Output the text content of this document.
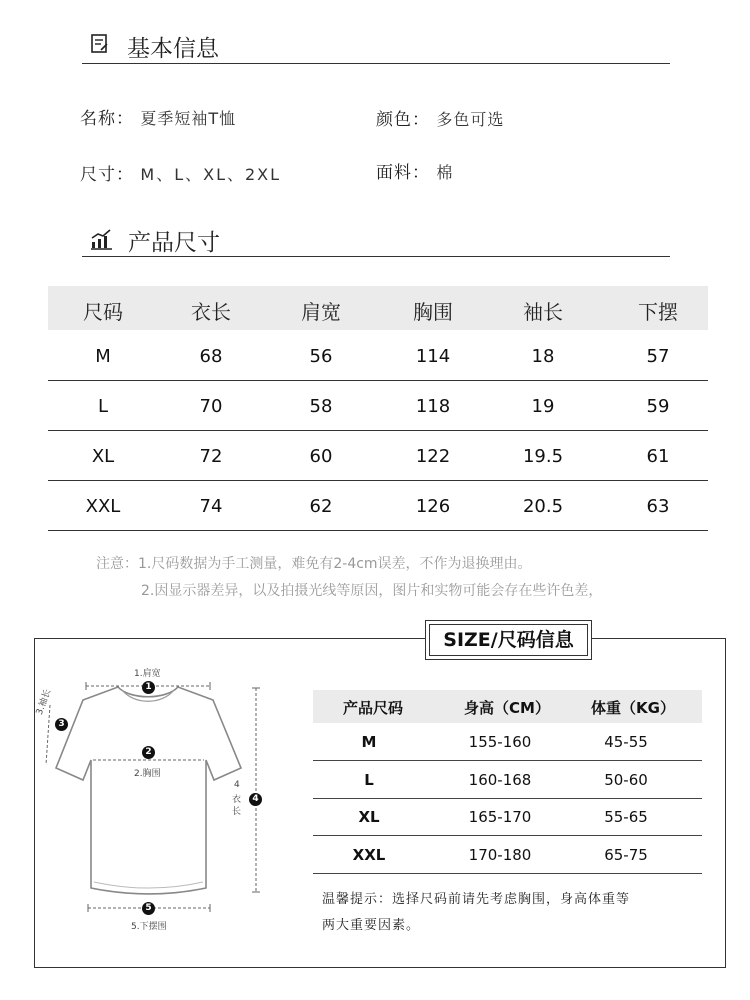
基本信息
名称： 夏季短袖T恤	颜色： 多色可选
尺寸： M、L、XL、2XL	面料： 棉
产品尺寸
尺码	衣长	肩宽	胸围	袖长	下摆
M	68	56	114	18	57
L	70	58	118	19	59
XL	72	60	122	19.5	61
XXL	74	62	126	20.5	63
注意：1.尺码数据为手工测量，难免有2-4cm误差，不作为退换理由。
2.因显示器差异，以及拍摄光线等原因，图片和实物可能会存在些许色差，
SIZE/尺码信息
1.肩宽
1
2
2.胸围
3.袖长
3
4
衣
长
4
5
5.下摆围
产品尺码	身高（CM）	体重（KG）
M	155-160	45-55
L	160-168	50-60
XL	165-170	55-65
XXL	170-180	65-75
温馨提示：选择尺码前请先考虑胸围，身高体重等
两大重要因素。
